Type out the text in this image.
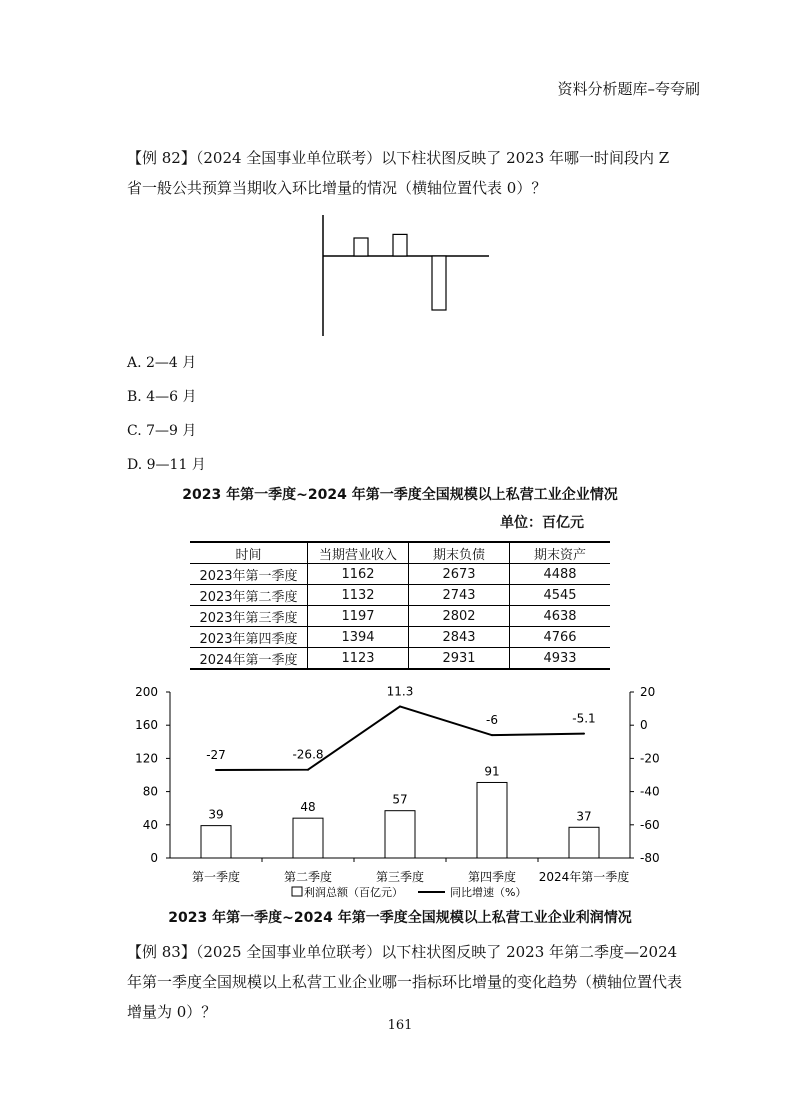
资料分析题库–夸夸刷
【例 82】（2024 全国事业单位联考）以下柱状图反映了 2023 年哪一时间段内 Z 省一般公共预算当期收入环比增量的情况（横轴位置代表 0）？
A. 2—4 月
B. 4—6 月
C. 7—9 月
D. 9—11 月
2023 年第一季度~2024 年第一季度全国规模以上私营工业企业情况
单位：百亿元
时间	当期营业收入	期末负债	期末资产
2023年第一季度	1162	2673	4488
2023年第二季度	1132	2743	4545
2023年第三季度	1197	2802	4638
2023年第四季度	1394	2843	4766
2024年第一季度	1123	2931	4933
200
160
120
80
40
0
20
0
-20
-40
-60
-80
第一季度	第二季度	第三季度	第四季度 2024年第一季度
39
48
57
91
37
-27	-26.8
11.3
-6	-5.1
利润总额（百亿元）	同比增速（%）
2023 年第一季度~2024 年第一季度全国规模以上私营工业企业利润情况
【例 83】（2025 全国事业单位联考）以下柱状图反映了 2023 年第二季度—2024 年第一季度全国规模以上私营工业企业哪一指标环比增量的变化趋势（横轴位置代表增量为 0）？
161
